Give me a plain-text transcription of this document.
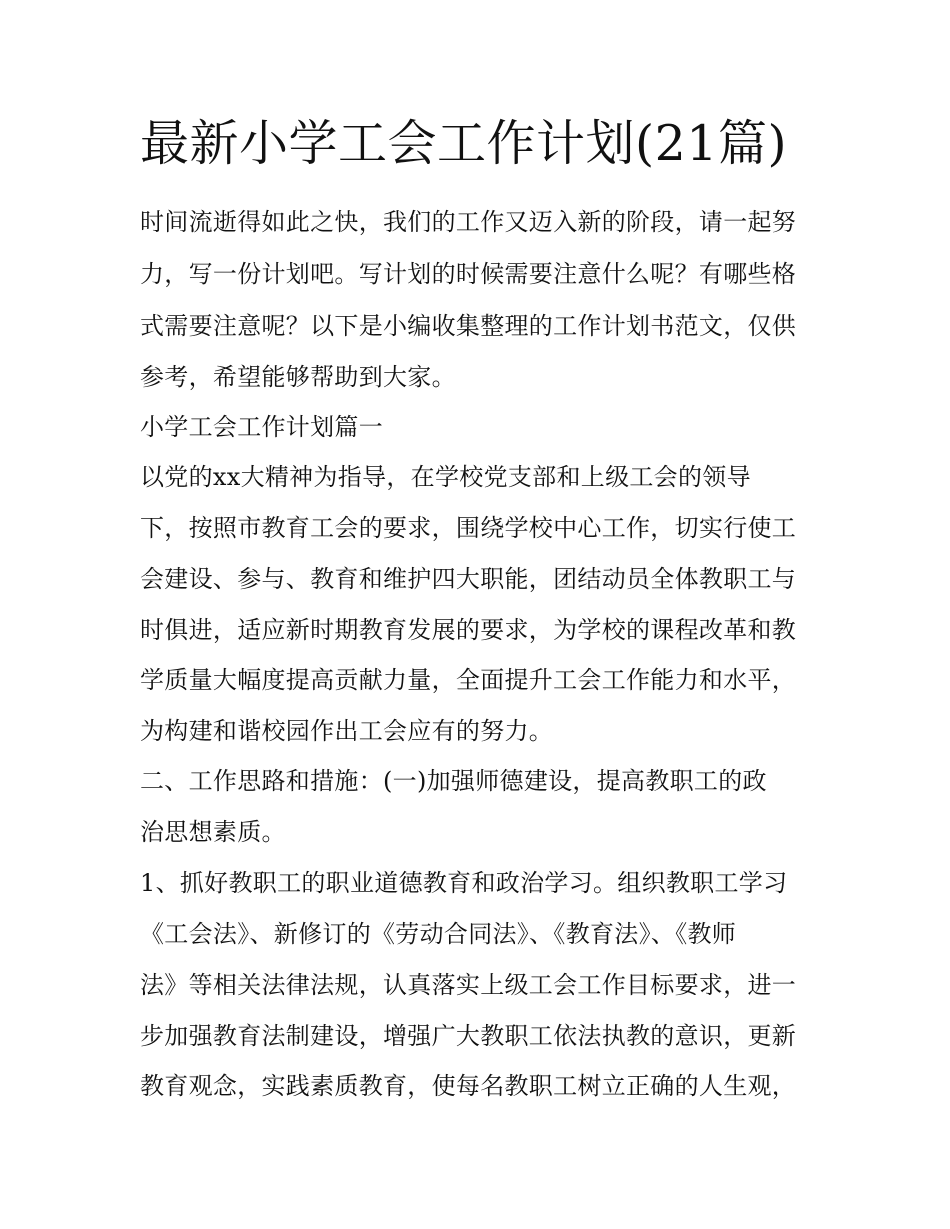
最新小学工会工作计划(21篇)

时间流逝得如此之快，我们的工作又迈入新的阶段，请一起努

力，写一份计划吧。写计划的时候需要注意什么呢？有哪些格

式需要注意呢？以下是小编收集整理的工作计划书范文，仅供

参考，希望能够帮助到大家。

小学工会工作计划篇一

以党的xx大精神为指导，在学校党支部和上级工会的领导

下，按照市教育工会的要求，围绕学校中心工作，切实行使工

会建设、参与、教育和维护四大职能，团结动员全体教职工与

时俱进，适应新时期教育发展的要求，为学校的课程改革和教

学质量大幅度提高贡献力量，全面提升工会工作能力和水平，

为构建和谐校园作出工会应有的努力。

二、工作思路和措施：(一)加强师德建设，提高教职工的政

治思想素质。

1、抓好教职工的职业道德教育和政治学习。组织教职工学习

《工会法》、新修订的《劳动合同法》、《教育法》、《教师

法》等相关法律法规，认真落实上级工会工作目标要求，进一

步加强教育法制建设，增强广大教职工依法执教的意识，更新

教育观念，实践素质教育，使每名教职工树立正确的人生观，
